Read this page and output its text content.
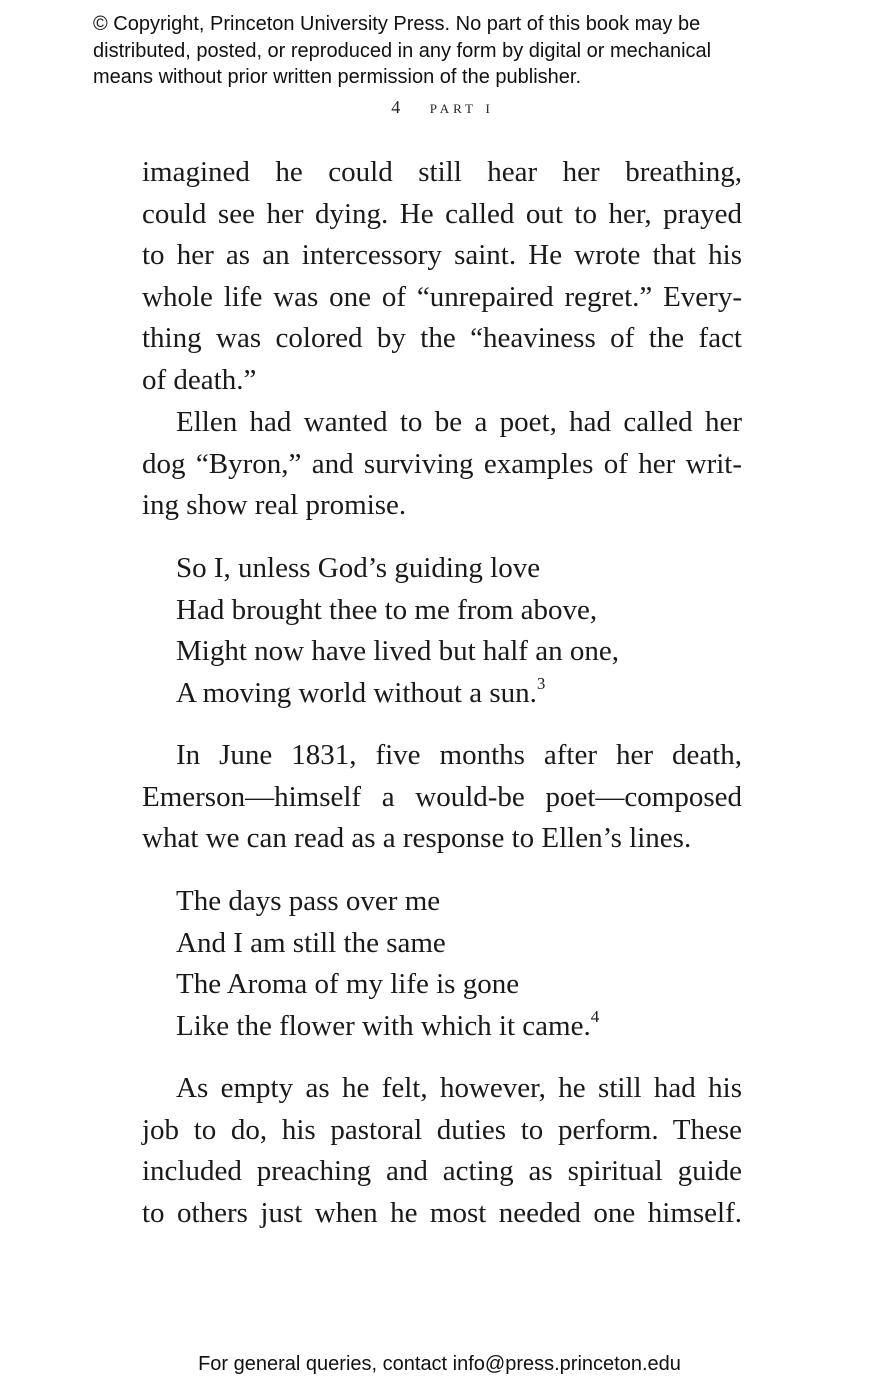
© Copyright, Princeton University Press. No part of this book may be
distributed, posted, or reproduced in any form by digital or mechanical
means without prior written permission of the publisher.
4 part i
imagined he could still hear her breathing,
could see her dying. He called out to her, prayed
to her as an intercessory saint. He wrote that his
whole life was one of “unrepaired regret.” Every-
thing was colored by the “heaviness of the fact
of death.”
Ellen had wanted to be a poet, had called her
dog “Byron,” and surviving examples of her writ-
ing show real promise.
So I, unless God’s guiding love
Had brought thee to me from above,
Might now have lived but half an one,
A moving world without a sun.$^3$
In June 1831, five months after her death,
Emerson—himself a would-be poet—composed
what we can read as a response to Ellen’s lines.
The days pass over me
And I am still the same
The Aroma of my life is gone
Like the flower with which it came.$^4$
As empty as he felt, however, he still had his
job to do, his pastoral duties to perform. These
included preaching and acting as spiritual guide
to others just when he most needed one himself.
For general queries, contact info@press.princeton.edu
